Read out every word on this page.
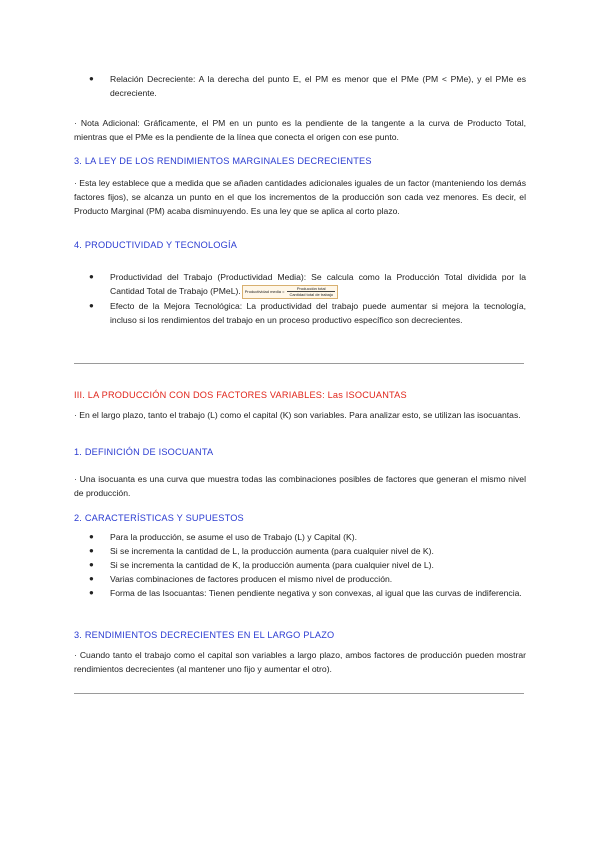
● Relación Decreciente: A la derecha del punto E, el PM es menor que el PMe (PM < PMe), y el PMe es decreciente.
· Nota Adicional: Gráficamente, el PM en un punto es la pendiente de la tangente a la curva de Producto Total, mientras que el PMe es la pendiente de la línea que conecta el origen con ese punto.
3. LA LEY DE LOS RENDIMIENTOS MARGINALES DECRECIENTES
· Esta ley establece que a medida que se añaden cantidades adicionales iguales de un factor (manteniendo los demás factores fijos), se alcanza un punto en el que los incrementos de la producción son cada vez menores. Es decir, el Producto Marginal (PM) acaba disminuyendo. Es una ley que se aplica al corto plazo.
4. PRODUCTIVIDAD Y TECNOLOGÍA
● Productividad del Trabajo (Productividad Media): Se calcula como la Producción Total dividida por la Cantidad Total de Trabajo (PMeL). Productividad media = $\frac{\text{Producción total}}{\text{Cantidad total de trabajo}}$
● Efecto de la Mejora Tecnológica: La productividad del trabajo puede aumentar si mejora la tecnología, incluso si los rendimientos del trabajo en un proceso productivo específico son decrecientes.
III. LA PRODUCCIÓN CON DOS FACTORES VARIABLES: Las ISOCUANTAS
· En el largo plazo, tanto el trabajo (L) como el capital (K) son variables. Para analizar esto, se utilizan las isocuantas.
1. DEFINICIÓN DE ISOCUANTA
· Una isocuanta es una curva que muestra todas las combinaciones posibles de factores que generan el mismo nivel de producción.
2. CARACTERÍSTICAS Y SUPUESTOS
● Para la producción, se asume el uso de Trabajo (L) y Capital (K).
● Si se incrementa la cantidad de L, la producción aumenta (para cualquier nivel de K).
● Si se incrementa la cantidad de K, la producción aumenta (para cualquier nivel de L).
● Varias combinaciones de factores producen el mismo nivel de producción.
● Forma de las Isocuantas: Tienen pendiente negativa y son convexas, al igual que las curvas de indiferencia.
3. RENDIMIENTOS DECRECIENTES EN EL LARGO PLAZO
· Cuando tanto el trabajo como el capital son variables a largo plazo, ambos factores de producción pueden mostrar rendimientos decrecientes (al mantener uno fijo y aumentar el otro).
